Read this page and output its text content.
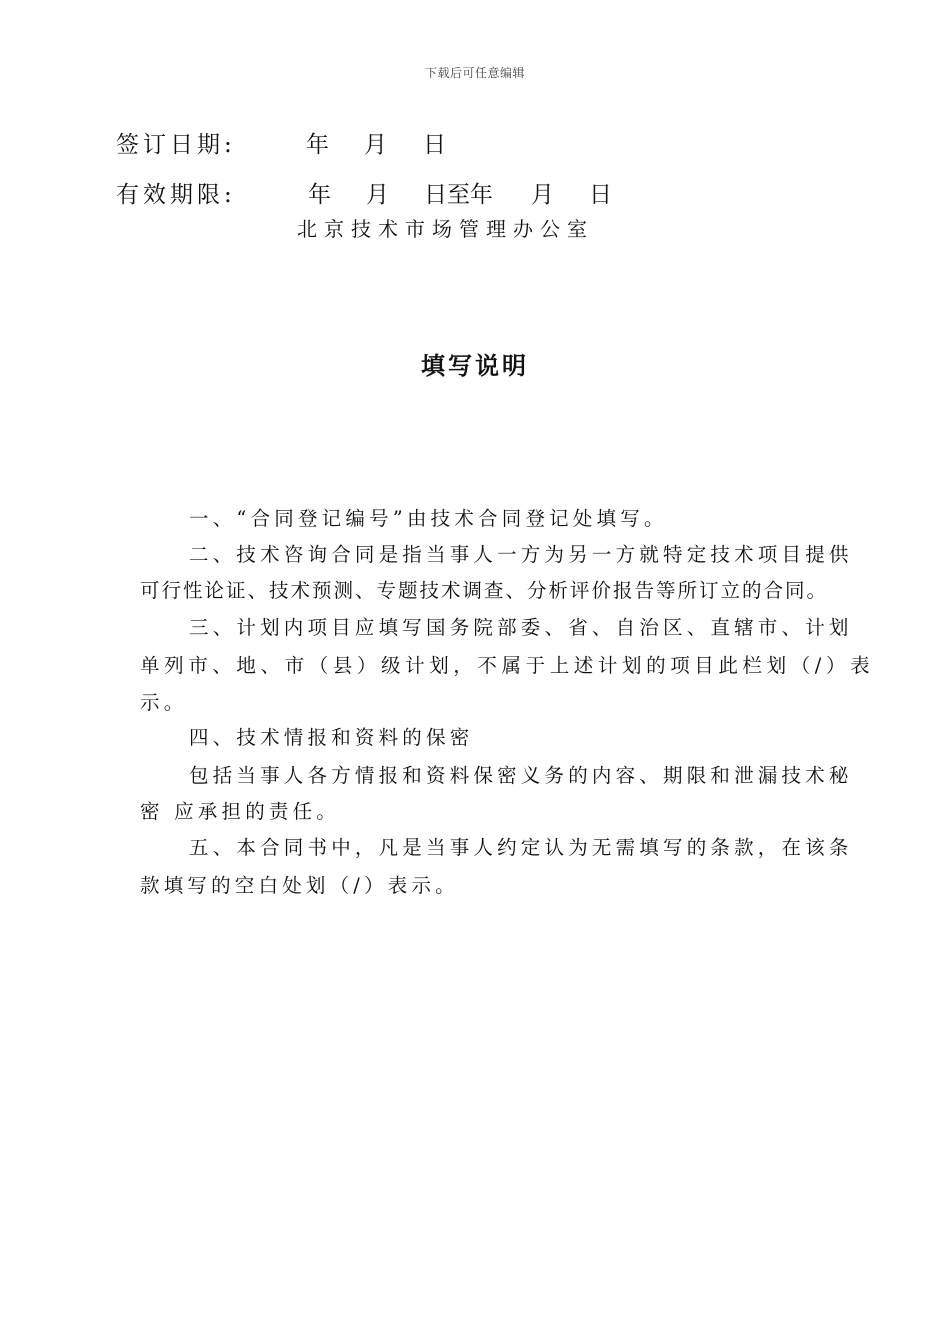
下载后可任意编辑
签订日期:	年 月 日
有效期限:	年 月 日至年 月 日
北京技术市场管理办公室
填写说明
一、“合同登记编号”由技术合同登记处填写。
二、技术咨询合同是指当事人一方为另一方就特定技术项目提供
可行性论证、技术预测、专题技术调查、分析评价报告等所订立的合同。
三、计划内项目应填写国务院部委、省、自治区、直辖市、计划
单列市、地、市（县）级计划，不属于上述计划的项目此栏划（/）表
示。
四、技术情报和资料的保密
包括当事人各方情报和资料保密义务的内容、期限和泄漏技术秘
密 应承担的责任。
五、本合同书中，凡是当事人约定认为无需填写的条款，在该条
款填写的空白处划（/）表示。
